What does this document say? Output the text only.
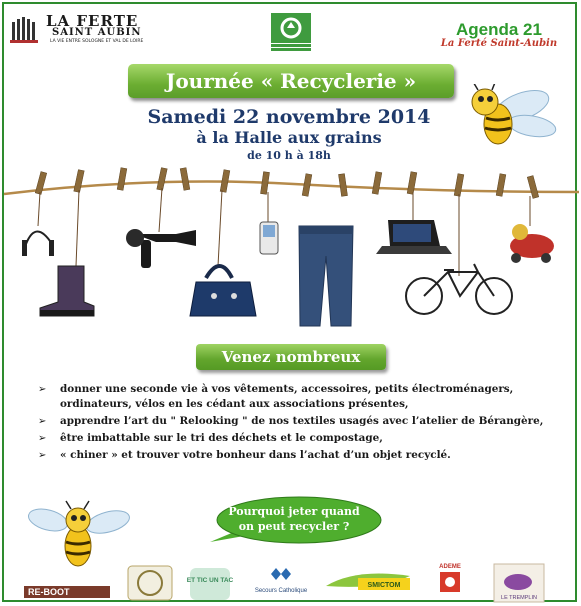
LA FERTE
SAINT AUBIN
LA VIE ENTRE SOLOGNE ET VAL DE LOIRE
Agenda 21
La Ferté Saint-Aubin
Journée « Recyclerie »
Samedi 22 novembre 2014
à la Halle aux grains
de 10 h à 18h
Venez nombreux
➢ donner une seconde vie à vos vêtements, accessoires, petits électroménagers, ordinateurs, vélos en les cédant aux associations présentes,
➢ apprendre l’art du " Relooking " de nos textiles usagés avec l’atelier de Bérangère,
➢ être imbattable sur le tri des déchets et le compostage,
➢ « chiner » et trouver votre bonheur dans l’achat d’un objet recyclé.
Pourquoi jeter quand
on peut recycler ?
RE-BOOT
ET TIC UN TAC
Secours Catholique
SMICTOM
ADEME
LE TREMPLIN
